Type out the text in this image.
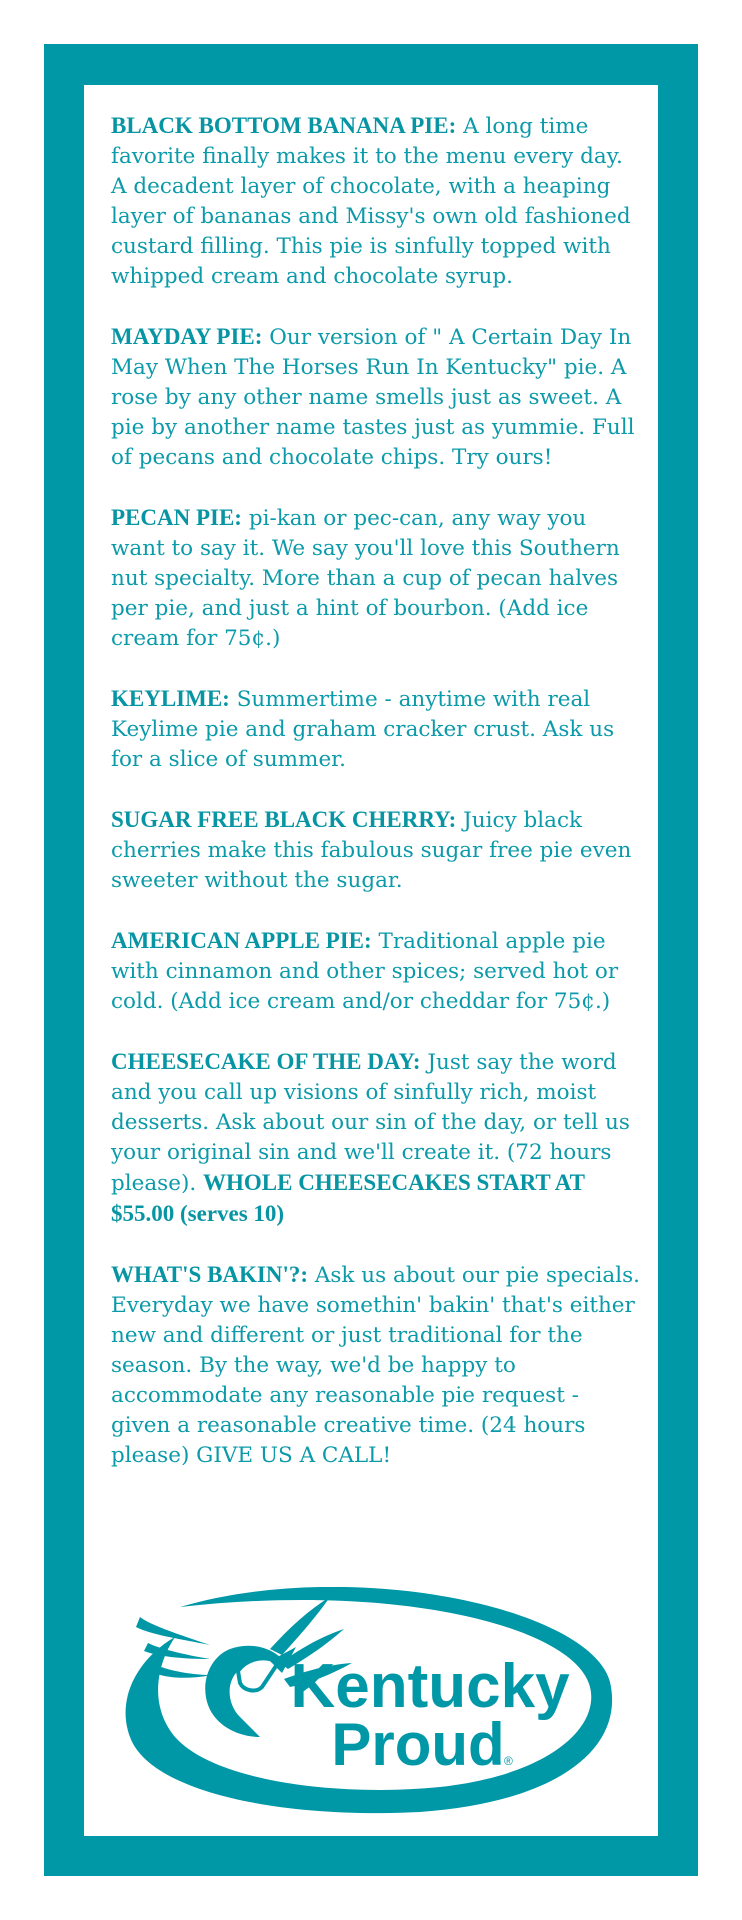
BLACK BOTTOM BANANA PIE: A long time favorite finally makes it to the menu every day. A decadent layer of chocolate, with a heaping layer of bananas and Missy's own old fashioned custard filling. This pie is sinfully topped with whipped cream and chocolate syrup.

MAYDAY PIE: Our version of " A Certain Day In May When The Horses Run In Kentucky" pie. A rose by any other name smells just as sweet. A pie by another name tastes just as yummie. Full of pecans and chocolate chips. Try ours!

PECAN PIE: pi-kan or pec-can, any way you want to say it. We say you'll love this Southern nut specialty. More than a cup of pecan halves per pie, and just a hint of bourbon. (Add ice cream for 75¢.)

KEYLIME: Summertime - anytime with real Keylime pie and graham cracker crust. Ask us for a slice of summer.

SUGAR FREE BLACK CHERRY: Juicy black cherries make this fabulous sugar free pie even sweeter without the sugar.

AMERICAN APPLE PIE: Traditional apple pie with cinnamon and other spices; served hot or cold. (Add ice cream and/or cheddar for 75¢.)

CHEESECAKE OF THE DAY: Just say the word and you call up visions of sinfully rich, moist desserts. Ask about our sin of the day, or tell us your original sin and we'll create it. (72 hours please). WHOLE CHEESECAKES START AT $55.00 (serves 10)

WHAT'S BAKIN'?: Ask us about our pie specials. Everyday we have somethin' bakin' that's either new and different or just traditional for the season. By the way, we'd be happy to accommodate any reasonable pie request - given a reasonable creative time. (24 hours please) GIVE US A CALL!

Kentucky
Proud ®
